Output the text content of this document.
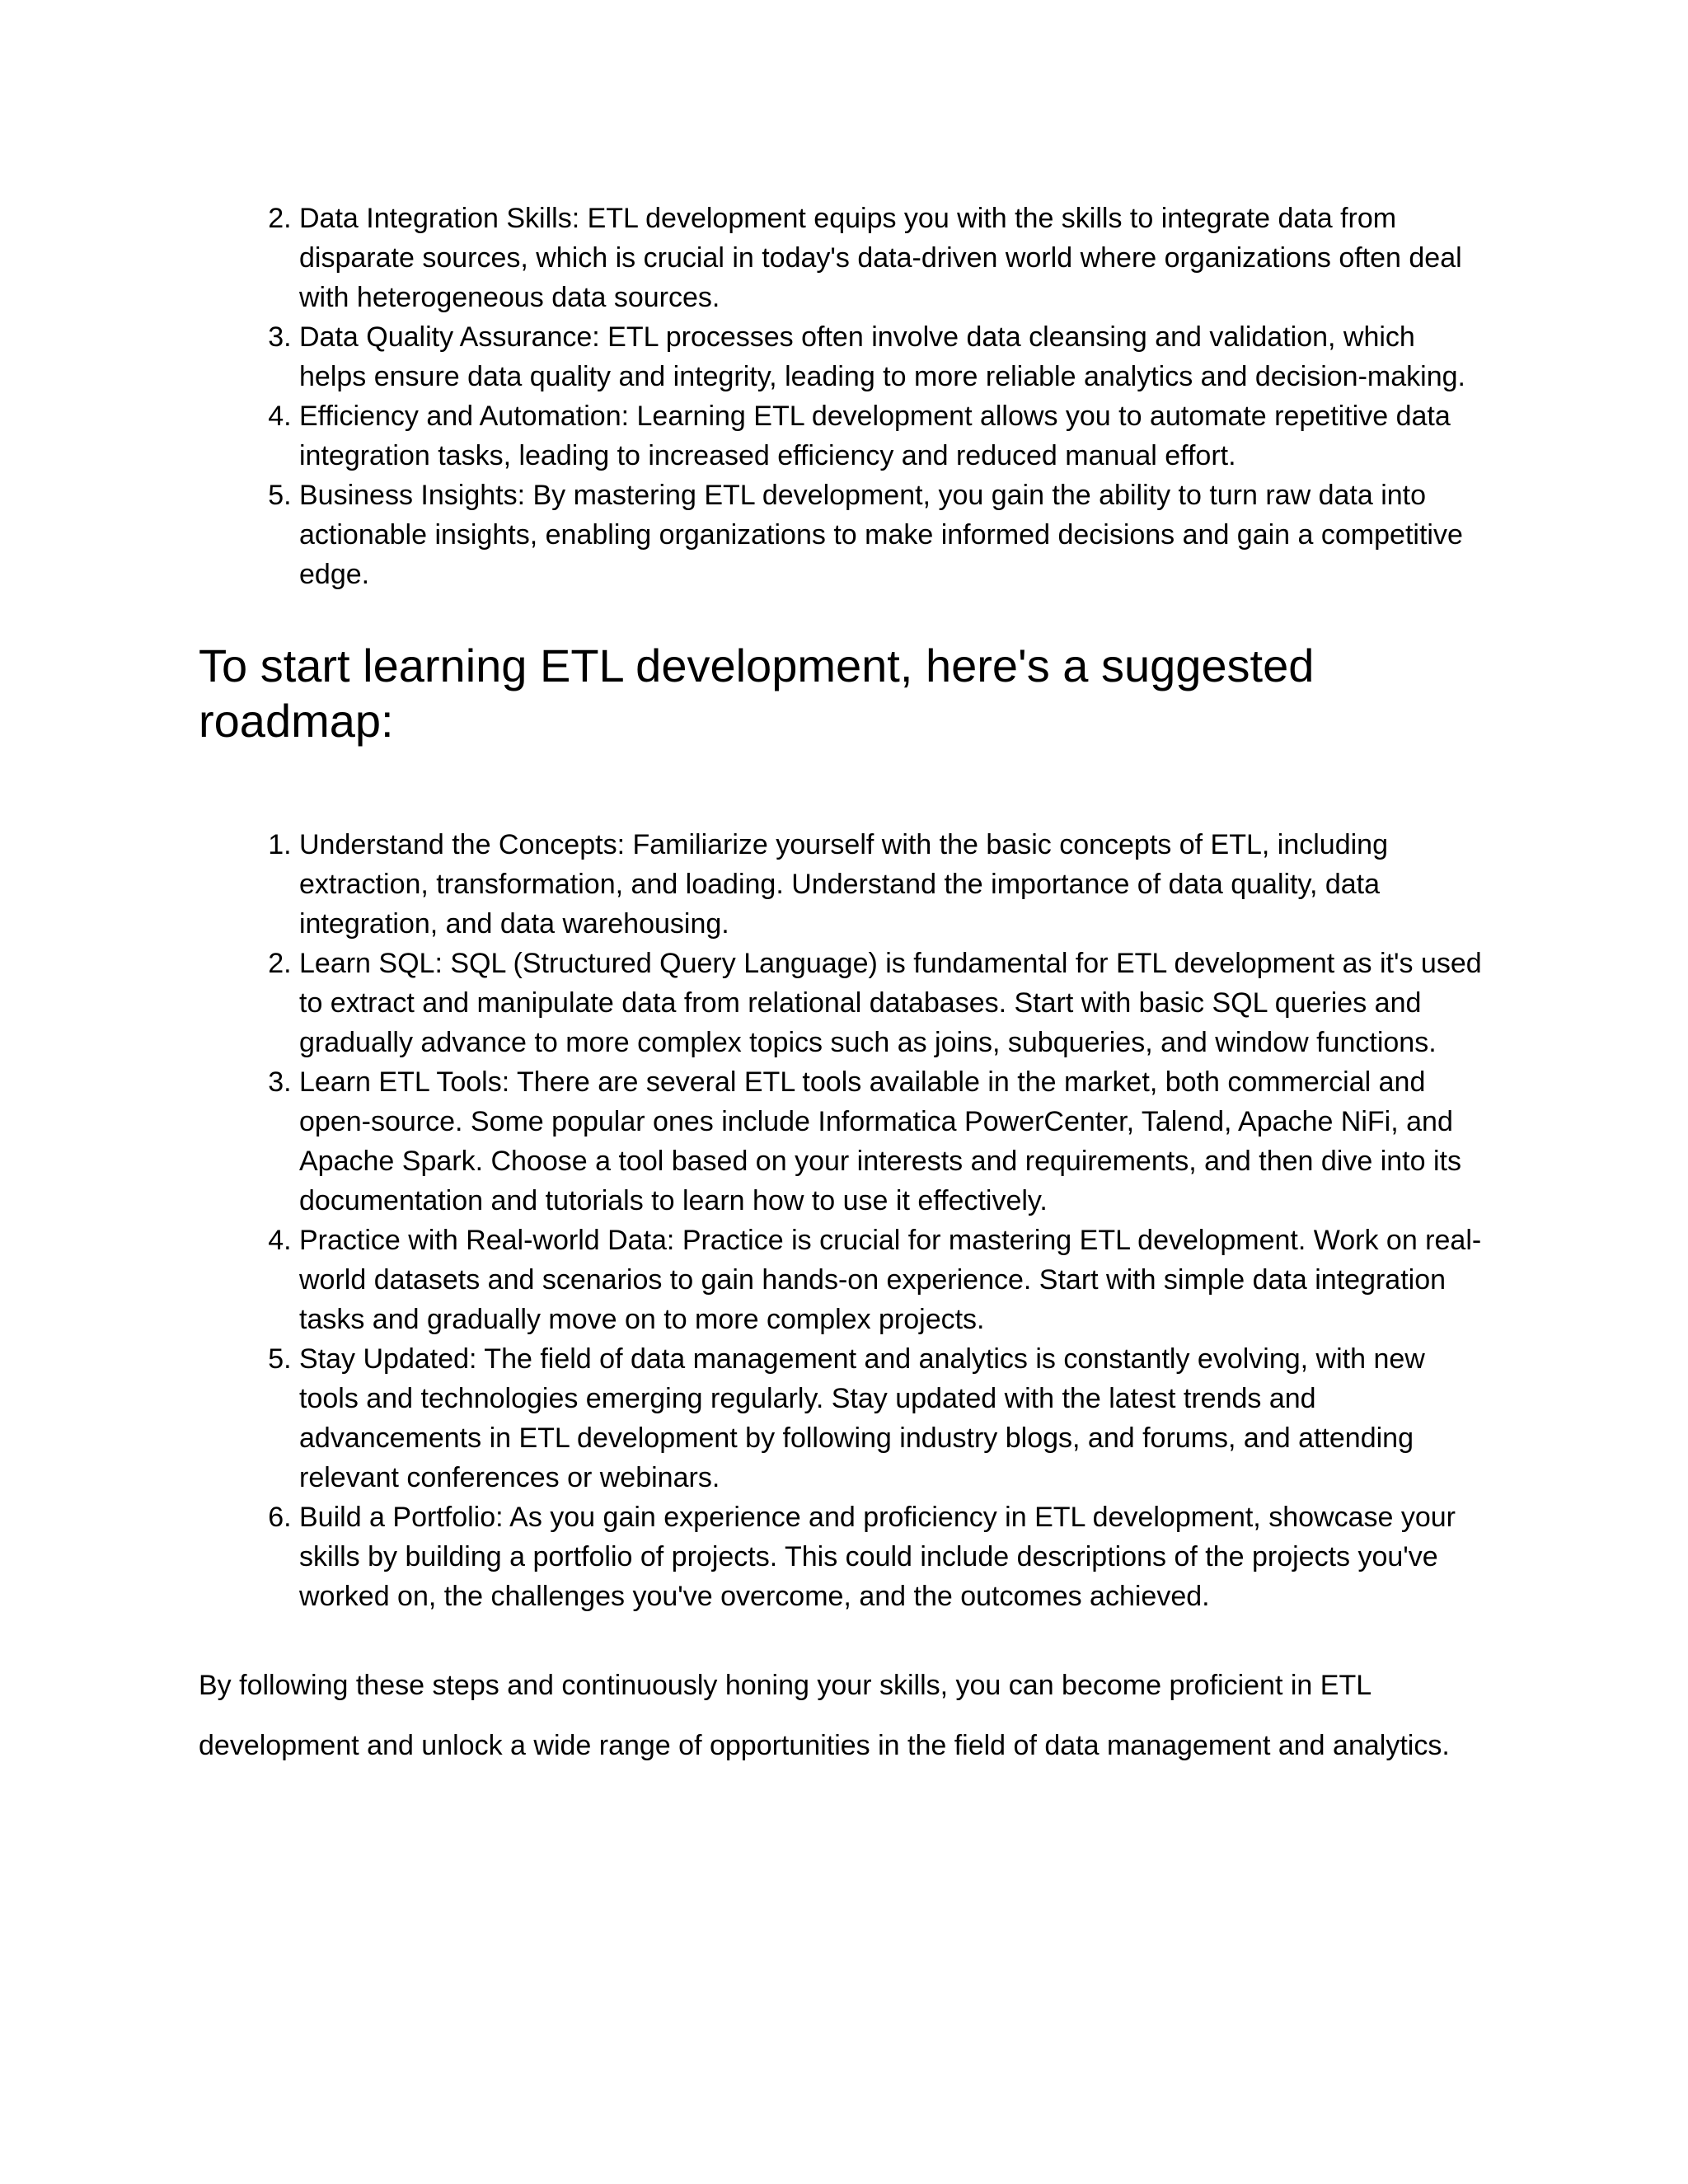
2. Data Integration Skills: ETL development equips you with the skills to integrate data from disparate sources, which is crucial in today's data-driven world where organizations often deal with heterogeneous data sources.
3. Data Quality Assurance: ETL processes often involve data cleansing and validation, which helps ensure data quality and integrity, leading to more reliable analytics and decision-making.
4. Efficiency and Automation: Learning ETL development allows you to automate repetitive data integration tasks, leading to increased efficiency and reduced manual effort.
5. Business Insights: By mastering ETL development, you gain the ability to turn raw data into actionable insights, enabling organizations to make informed decisions and gain a competitive edge.
To start learning ETL development, here's a suggested roadmap:
1. Understand the Concepts: Familiarize yourself with the basic concepts of ETL, including extraction, transformation, and loading. Understand the importance of data quality, data integration, and data warehousing.
2. Learn SQL: SQL (Structured Query Language) is fundamental for ETL development as it's used to extract and manipulate data from relational databases. Start with basic SQL queries and gradually advance to more complex topics such as joins, subqueries, and window functions.
3. Learn ETL Tools: There are several ETL tools available in the market, both commercial and open-source. Some popular ones include Informatica PowerCenter, Talend, Apache NiFi, and Apache Spark. Choose a tool based on your interests and requirements, and then dive into its documentation and tutorials to learn how to use it effectively.
4. Practice with Real-world Data: Practice is crucial for mastering ETL development. Work on real-world datasets and scenarios to gain hands-on experience. Start with simple data integration tasks and gradually move on to more complex projects.
5. Stay Updated: The field of data management and analytics is constantly evolving, with new tools and technologies emerging regularly. Stay updated with the latest trends and advancements in ETL development by following industry blogs, and forums, and attending relevant conferences or webinars.
6. Build a Portfolio: As you gain experience and proficiency in ETL development, showcase your skills by building a portfolio of projects. This could include descriptions of the projects you've worked on, the challenges you've overcome, and the outcomes achieved.

By following these steps and continuously honing your skills, you can become proficient in ETL development and unlock a wide range of opportunities in the field of data management and analytics.
